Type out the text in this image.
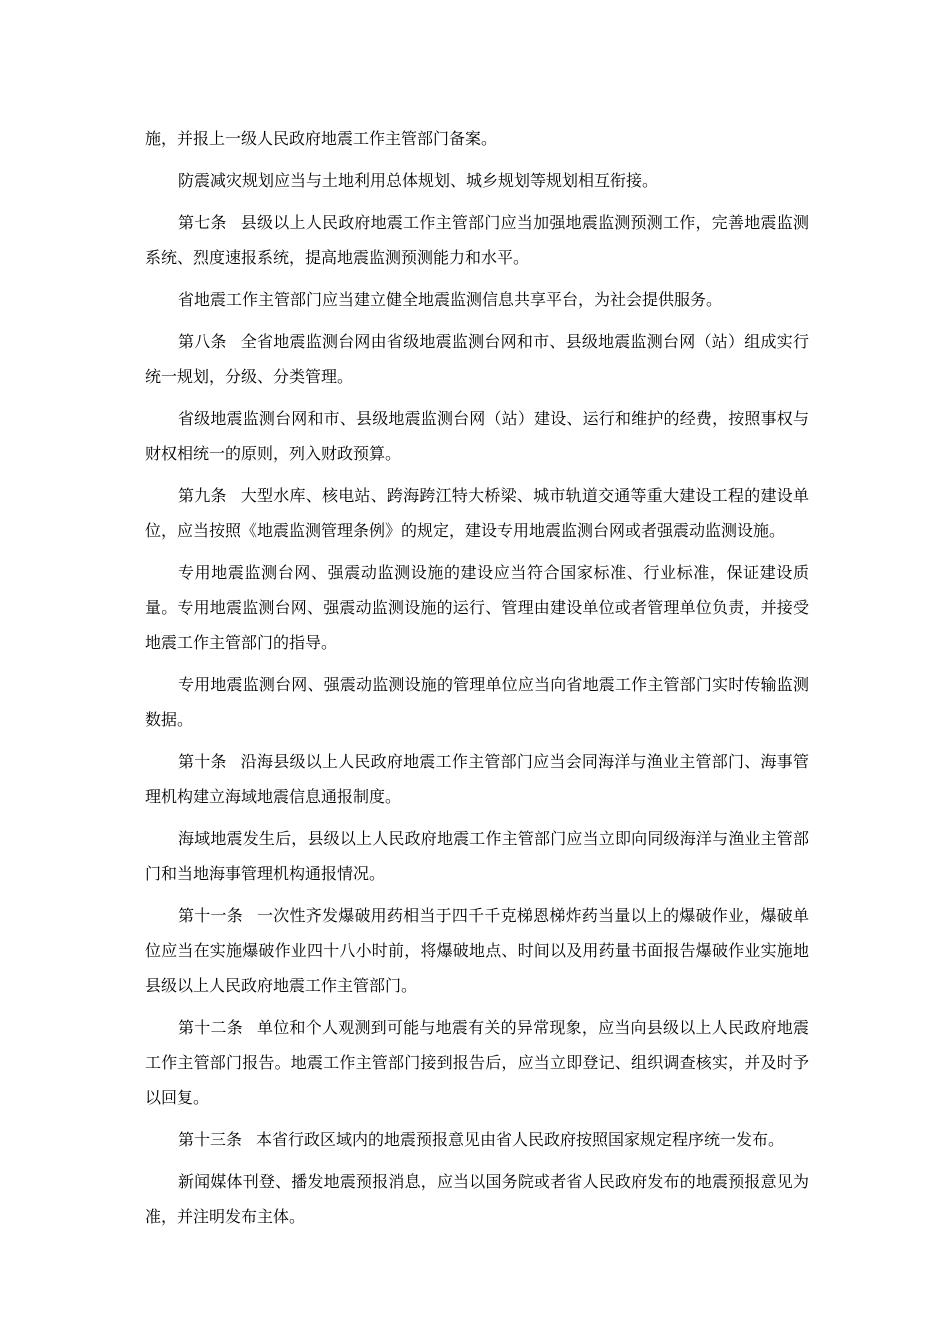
施，并报上一级人民政府地震工作主管部门备案。

防震减灾规划应当与土地利用总体规划、城乡规划等规划相互衔接。

第七条 县级以上人民政府地震工作主管部门应当加强地震监测预测工作，完善地震监测系统、烈度速报系统，提高地震监测预测能力和水平。

省地震工作主管部门应当建立健全地震监测信息共享平台，为社会提供服务。

第八条 全省地震监测台网由省级地震监测台网和市、县级地震监测台网（站）组成实行统一规划，分级、分类管理。

省级地震监测台网和市、县级地震监测台网（站）建设、运行和维护的经费，按照事权与财权相统一的原则，列入财政预算。

第九条 大型水库、核电站、跨海跨江特大桥梁、城市轨道交通等重大建设工程的建设单位，应当按照《地震监测管理条例》的规定，建设专用地震监测台网或者强震动监测设施。

专用地震监测台网、强震动监测设施的建设应当符合国家标准、行业标准，保证建设质量。专用地震监测台网、强震动监测设施的运行、管理由建设单位或者管理单位负责，并接受地震工作主管部门的指导。

专用地震监测台网、强震动监测设施的管理单位应当向省地震工作主管部门实时传输监测数据。

第十条 沿海县级以上人民政府地震工作主管部门应当会同海洋与渔业主管部门、海事管理机构建立海域地震信息通报制度。

海域地震发生后，县级以上人民政府地震工作主管部门应当立即向同级海洋与渔业主管部门和当地海事管理机构通报情况。

第十一条 一次性齐发爆破用药相当于四千千克梯恩梯炸药当量以上的爆破作业，爆破单位应当在实施爆破作业四十八小时前，将爆破地点、时间以及用药量书面报告爆破作业实施地县级以上人民政府地震工作主管部门。

第十二条 单位和个人观测到可能与地震有关的异常现象，应当向县级以上人民政府地震工作主管部门报告。地震工作主管部门接到报告后，应当立即登记、组织调查核实，并及时予以回复。

第十三条 本省行政区域内的地震预报意见由省人民政府按照国家规定程序统一发布。

新闻媒体刊登、播发地震预报消息，应当以国务院或者省人民政府发布的地震预报意见为准，并注明发布主体。
